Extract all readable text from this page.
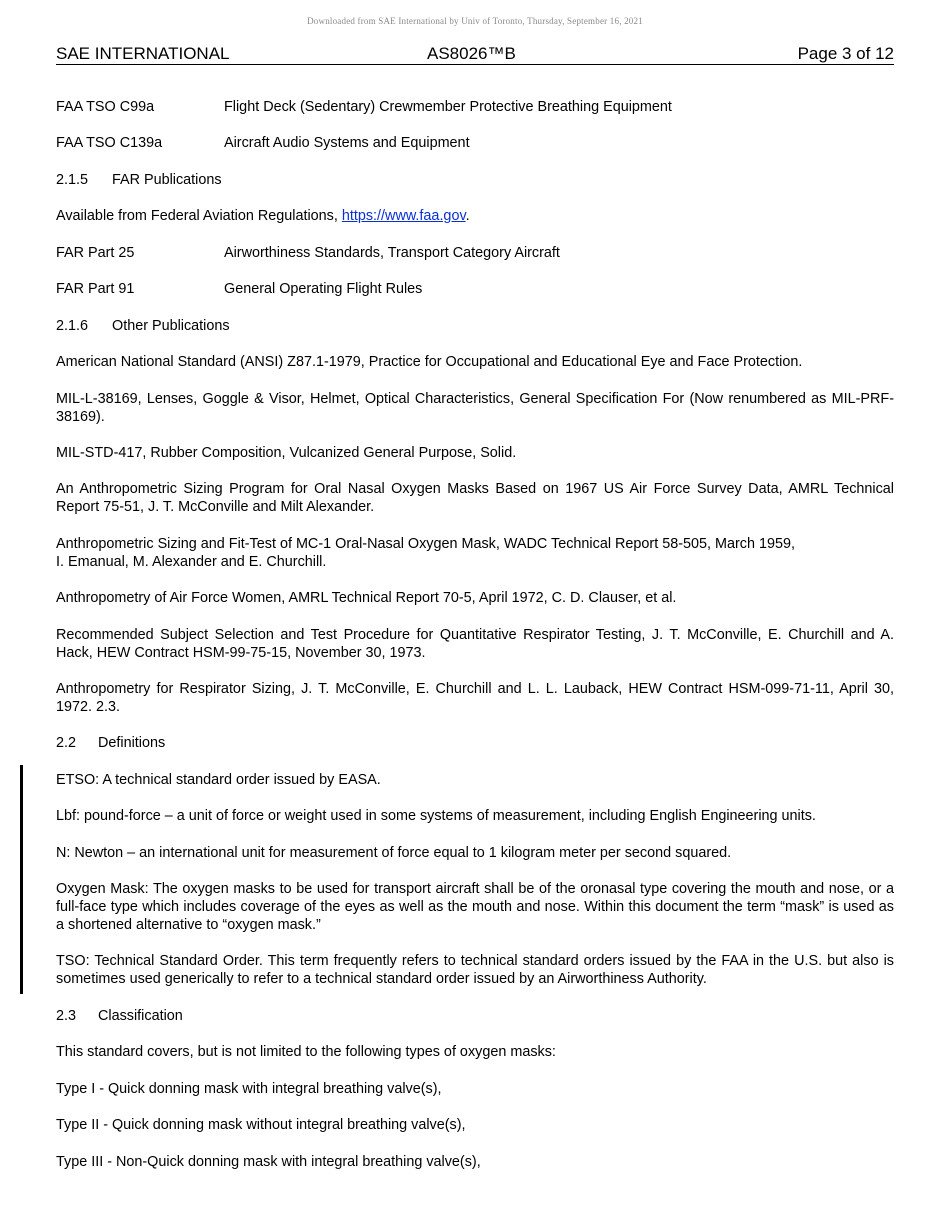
Downloaded from SAE International by Univ of Toronto, Thursday, September 16, 2021
SAE INTERNATIONAL	AS8026™B	Page 3 of 12
FAA TSO C99a	Flight Deck (Sedentary) Crewmember Protective Breathing Equipment
FAA TSO C139a	Aircraft Audio Systems and Equipment
2.1.5 FAR Publications
Available from Federal Aviation Regulations, https://www.faa.gov.
FAR Part 25	Airworthiness Standards, Transport Category Aircraft
FAR Part 91	General Operating Flight Rules
2.1.6 Other Publications
American National Standard (ANSI) Z87.1-1979, Practice for Occupational and Educational Eye and Face Protection.
MIL-L-38169, Lenses, Goggle & Visor, Helmet, Optical Characteristics, General Specification For (Now renumbered as MIL-PRF-38169).
MIL-STD-417, Rubber Composition, Vulcanized General Purpose, Solid.
An Anthropometric Sizing Program for Oral Nasal Oxygen Masks Based on 1967 US Air Force Survey Data, AMRL Technical Report 75-51, J. T. McConville and Milt Alexander.
Anthropometric Sizing and Fit-Test of MC-1 Oral-Nasal Oxygen Mask, WADC Technical Report 58-505, March 1959,
I. Emanual, M. Alexander and E. Churchill.
Anthropometry of Air Force Women, AMRL Technical Report 70-5, April 1972, C. D. Clauser, et al.
Recommended Subject Selection and Test Procedure for Quantitative Respirator Testing, J. T. McConville, E. Churchill and A. Hack, HEW Contract HSM-99-75-15, November 30, 1973.
Anthropometry for Respirator Sizing, J. T. McConville, E. Churchill and L. L. Lauback, HEW Contract HSM-099-71-11, April 30, 1972. 2.3.
2.2 Definitions
ETSO: A technical standard order issued by EASA.
Lbf: pound-force – a unit of force or weight used in some systems of measurement, including English Engineering units.
N: Newton – an international unit for measurement of force equal to 1 kilogram meter per second squared.
Oxygen Mask: The oxygen masks to be used for transport aircraft shall be of the oronasal type covering the mouth and nose, or a full-face type which includes coverage of the eyes as well as the mouth and nose. Within this document the term “mask” is used as a shortened alternative to “oxygen mask.”
TSO: Technical Standard Order. This term frequently refers to technical standard orders issued by the FAA in the U.S. but also is sometimes used generically to refer to a technical standard order issued by an Airworthiness Authority.
2.3 Classification
This standard covers, but is not limited to the following types of oxygen masks:
Type I - Quick donning mask with integral breathing valve(s),
Type II - Quick donning mask without integral breathing valve(s),
Type III - Non-Quick donning mask with integral breathing valve(s),
